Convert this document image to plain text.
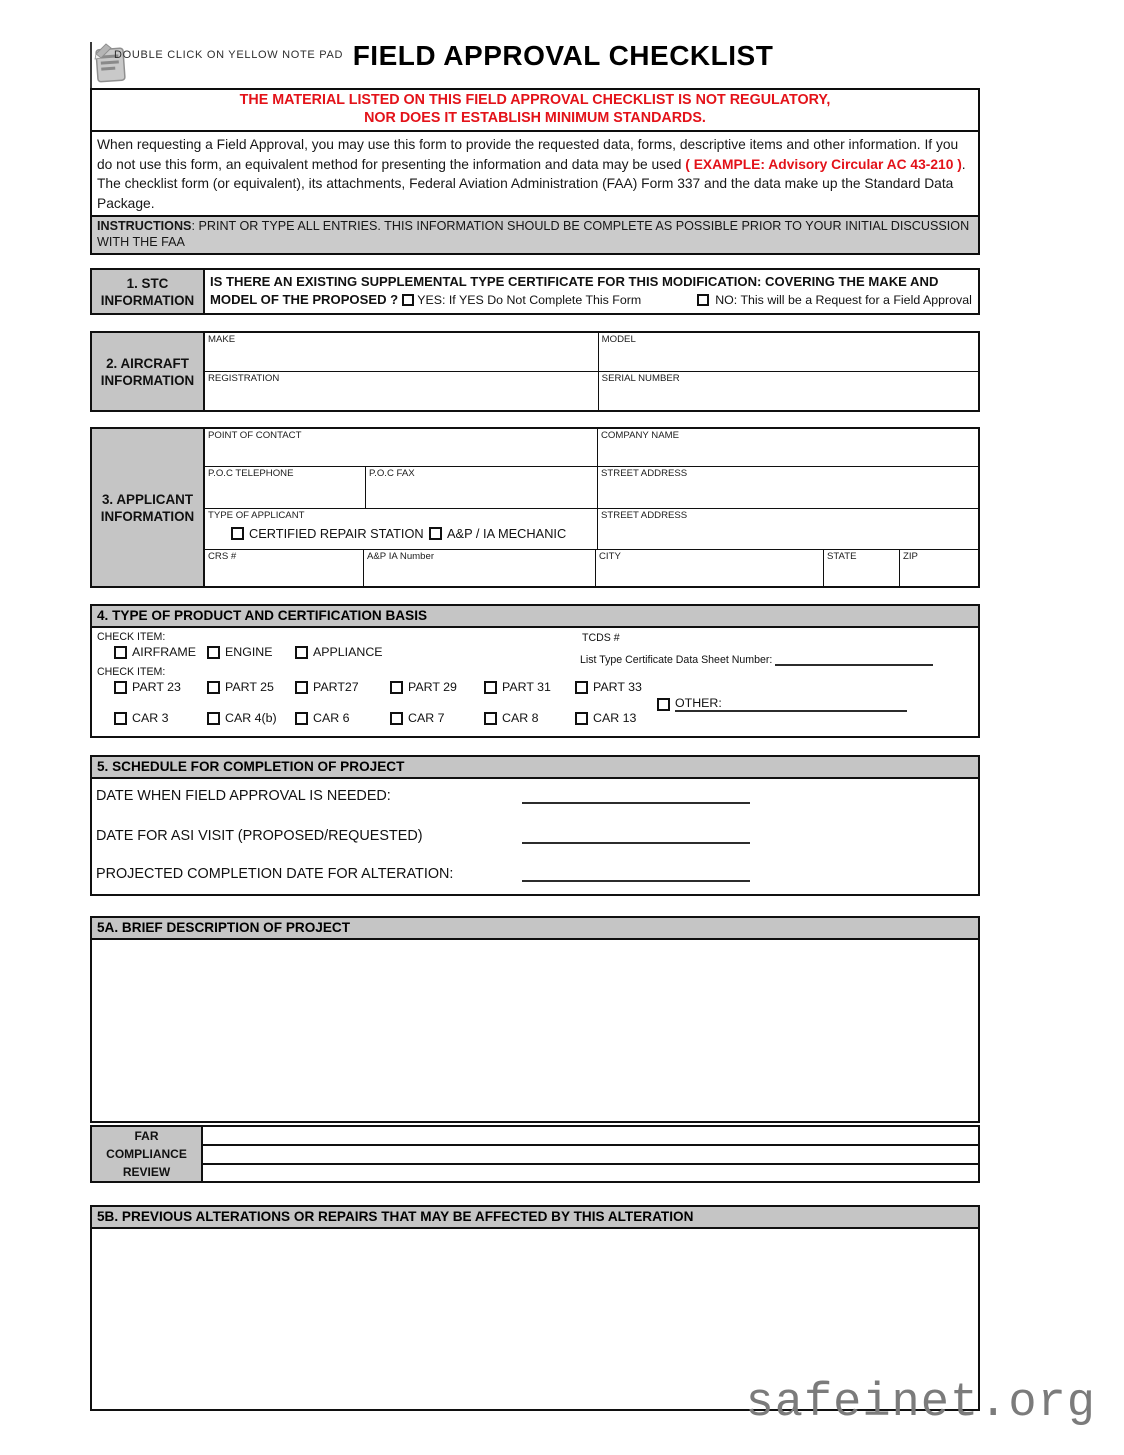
DOUBLE CLICK ON YELLOW NOTE PAD FIELD APPROVAL CHECKLIST
THE MATERIAL LISTED ON THIS FIELD APPROVAL CHECKLIST IS NOT REGULATORY,
NOR DOES IT ESTABLISH MINIMUM STANDARDS.
When requesting a Field Approval, you may use this form to provide the requested data, forms, descriptive items and other information. If you do not use this form, an equivalent method for presenting the information and data may be used ( EXAMPLE: Advisory Circular AC 43-210 ). The checklist form (or equivalent), its attachments, Federal Aviation Administration (FAA) Form 337 and the data make up the Standard Data Package.
INSTRUCTIONS: PRINT OR TYPE ALL ENTRIES. THIS INFORMATION SHOULD BE COMPLETE AS POSSIBLE PRIOR TO YOUR INITIAL DISCUSSION WITH THE FAA
1. STC
INFORMATION
IS THERE AN EXISTING SUPPLEMENTAL TYPE CERTIFICATE FOR THIS MODIFICATION: COVERING THE MAKE AND MODEL OF THE PROPOSED ? YES: If YES Do Not Complete This Form	NO: This will be a Request for a Field Approval
2. AIRCRAFT
INFORMATION
MAKE	MODEL
REGISTRATION	SERIAL NUMBER
3. APPLICANT
INFORMATION
POINT OF CONTACT	COMPANY NAME
P.O.C TELEPHONE	P.O.C FAX	STREET ADDRESS
TYPE OF APPLICANT
CERTIFIED REPAIR STATION A&P / IA MECHANIC
STREET ADDRESS
CRS #	A&P IA Number	CITY	STATE	ZIP
4. TYPE OF PRODUCT AND CERTIFICATION BASIS
CHECK ITEM:
AIRFRAME ENGINE	APPLIANCE
TCDS #
List Type Certificate Data Sheet Number:
CHECK ITEM:
PART 23	PART 25	PART27	PART 29	PART 31	PART 33
OTHER:
CAR 3	CAR 4(b)	CAR 6	CAR 7	CAR 8	CAR 13
5. SCHEDULE FOR COMPLETION OF PROJECT
DATE WHEN FIELD APPROVAL IS NEEDED:
DATE FOR ASI VISIT (PROPOSED/REQUESTED)
PROJECTED COMPLETION DATE FOR ALTERATION:
5A. BRIEF DESCRIPTION OF PROJECT
FAR
COMPLIANCE
REVIEW
5B. PREVIOUS ALTERATIONS OR REPAIRS THAT MAY BE AFFECTED BY THIS ALTERATION
safeinet.org
